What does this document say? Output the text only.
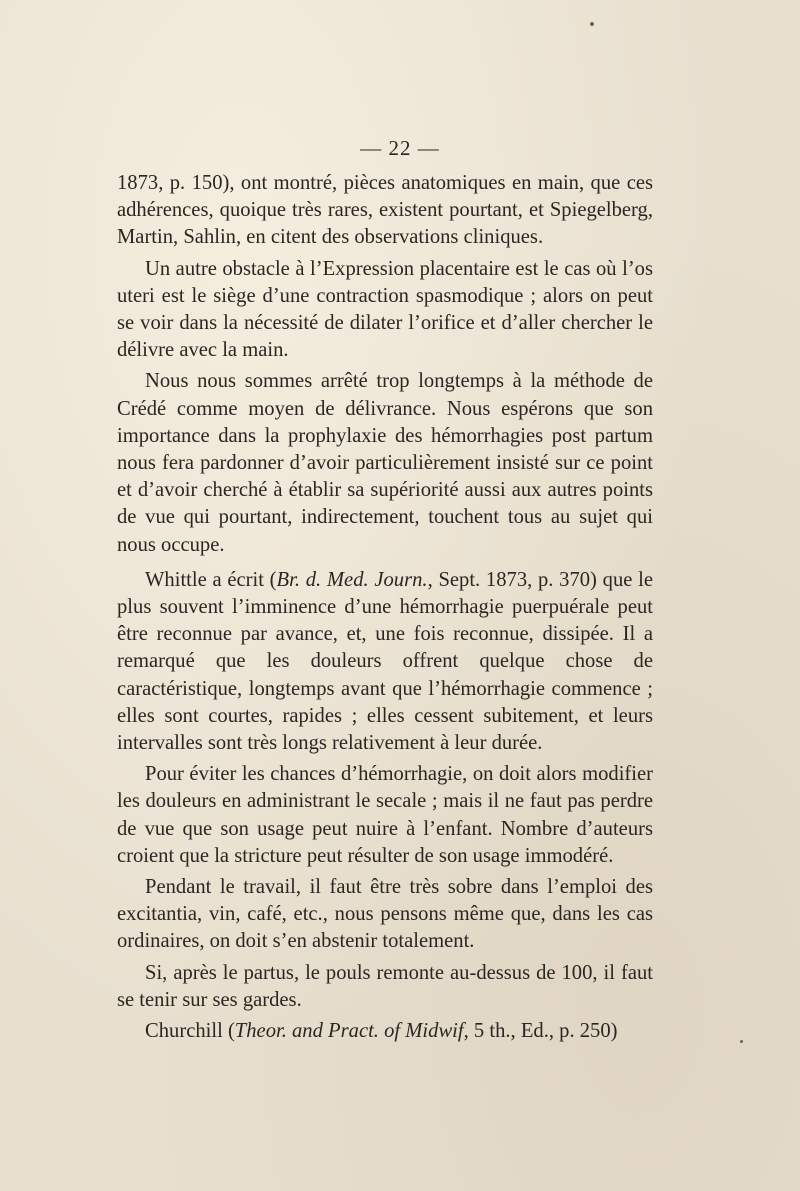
— 22 —

1873, p. 150), ont montré, pièces anatomiques en main, que ces adhérences, quoique très rares, existent pourtant, et Spiegelberg, Martin, Sahlin, en citent des observations cliniques.

Un autre obstacle à l’Expression placentaire est le cas où l’os uteri est le siège d’une contraction spasmodique ; alors on peut se voir dans la nécessité de dilater l’orifice et d’aller chercher le délivre avec la main.

Nous nous sommes arrêté trop longtemps à la méthode de Crédé comme moyen de délivrance. Nous espérons que son importance dans la prophylaxie des hémorrhagies post partum nous fera pardonner d’avoir particulièrement insisté sur ce point et d’avoir cherché à établir sa supériorité aussi aux autres points de vue qui pourtant, indirectement, touchent tous au sujet qui nous occupe.

Whittle a écrit (Br. d. Med. Journ., Sept. 1873, p. 370) que le plus souvent l’imminence d’une hémorrhagie puerpuérale peut être reconnue par avance, et, une fois reconnue, dissipée. Il a remarqué que les douleurs offrent quelque chose de caractéristique, longtemps avant que l’hémorrhagie commence ; elles sont courtes, rapides ; elles cessent subitement, et leurs intervalles sont très longs relativement à leur durée.

Pour éviter les chances d’hémorrhagie, on doit alors modifier les douleurs en administrant le secale ; mais il ne faut pas perdre de vue que son usage peut nuire à l’enfant. Nombre d’auteurs croient que la stricture peut résulter de son usage immodéré.

Pendant le travail, il faut être très sobre dans l’emploi des excitantia, vin, café, etc., nous pensons même que, dans les cas ordinaires, on doit s’en abstenir totalement.

Si, après le partus, le pouls remonte au-dessus de 100, il faut se tenir sur ses gardes.

Churchill (Theor. and Pract. of Midwif, 5 th., Ed., p. 250)
